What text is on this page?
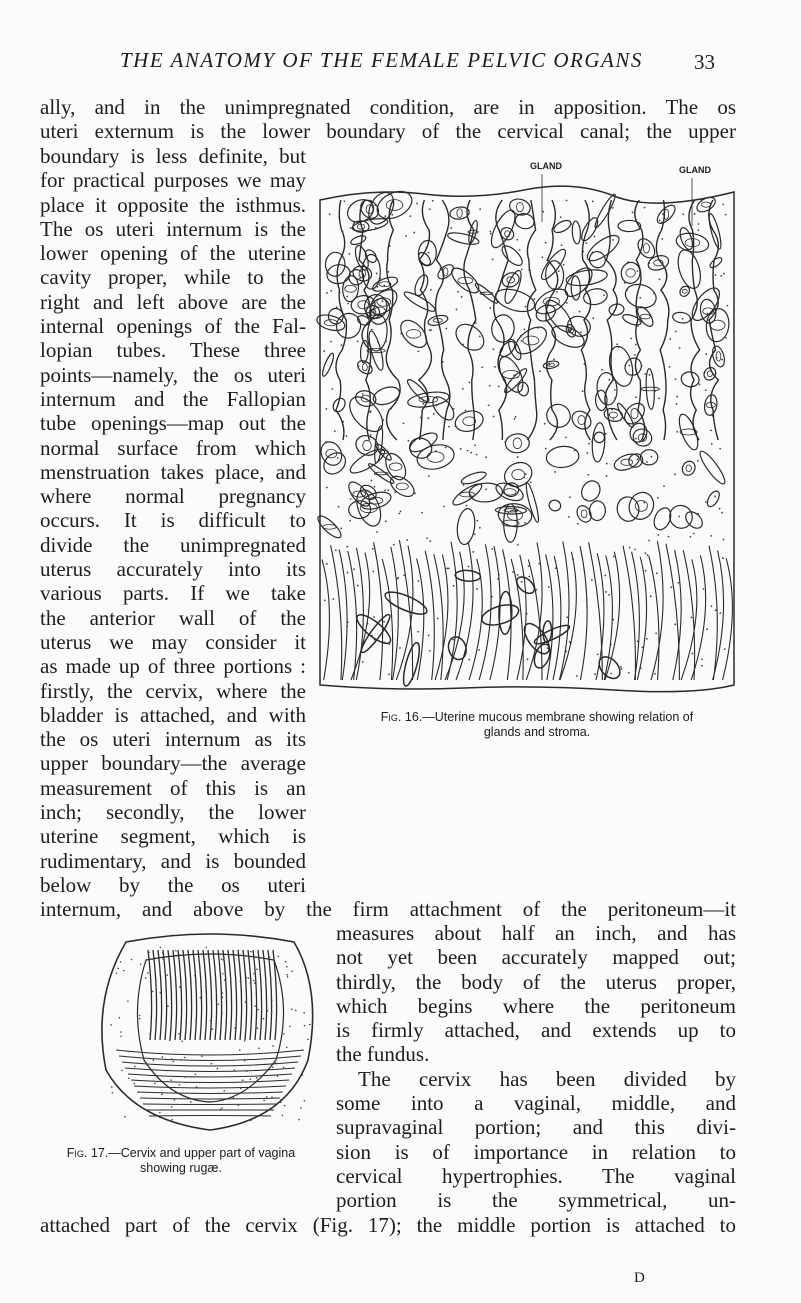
THE ANATOMY OF THE FEMALE PELVIC ORGANS 33
ally, and in the unimpregnated condition, are in apposition. The os
uteri externum is the lower boundary of the cervical canal; the upper
boundary is less definite, but
for practical purposes we may
place it opposite the isthmus.
The os uteri internum is the
lower opening of the uterine
cavity proper, while to the
right and left above are the
internal openings of the Fal-
lopian tubes. These three
points—namely, the os uteri
internum and the Fallopian
tube openings—map out the
normal surface from which
menstruation takes place, and
where normal pregnancy
occurs. It is difficult to
divide the unimpregnated
uterus accurately into its
various parts. If we take
the anterior wall of the
uterus we may consider it
as made up of three portions :
firstly, the cervix, where the
bladder is attached, and with
the os uteri internum as its
upper boundary—the average
measurement of this is an
inch; secondly, the lower
uterine segment, which is
rudimentary, and is bounded
below by the os uteri
internum, and above by the firm attachment of the peritoneum—it
measures about half an inch, and has
not yet been accurately mapped out;
thirdly, the body of the uterus proper,
which begins where the peritoneum
is firmly attached, and extends up to
the fundus.
The cervix has been divided by
some into a vaginal, middle, and
supravaginal portion; and this divi-
sion is of importance in relation to
cervical hypertrophies. The vaginal
portion is the symmetrical, un-
attached part of the cervix (Fig. 17); the middle portion is attached to
GLAND	GLAND
Fig. 16.—Uterine mucous membrane showing relation of
glands and stroma.
Fig. 17.—Cervix and upper part of vagina
showing rugæ.
D
